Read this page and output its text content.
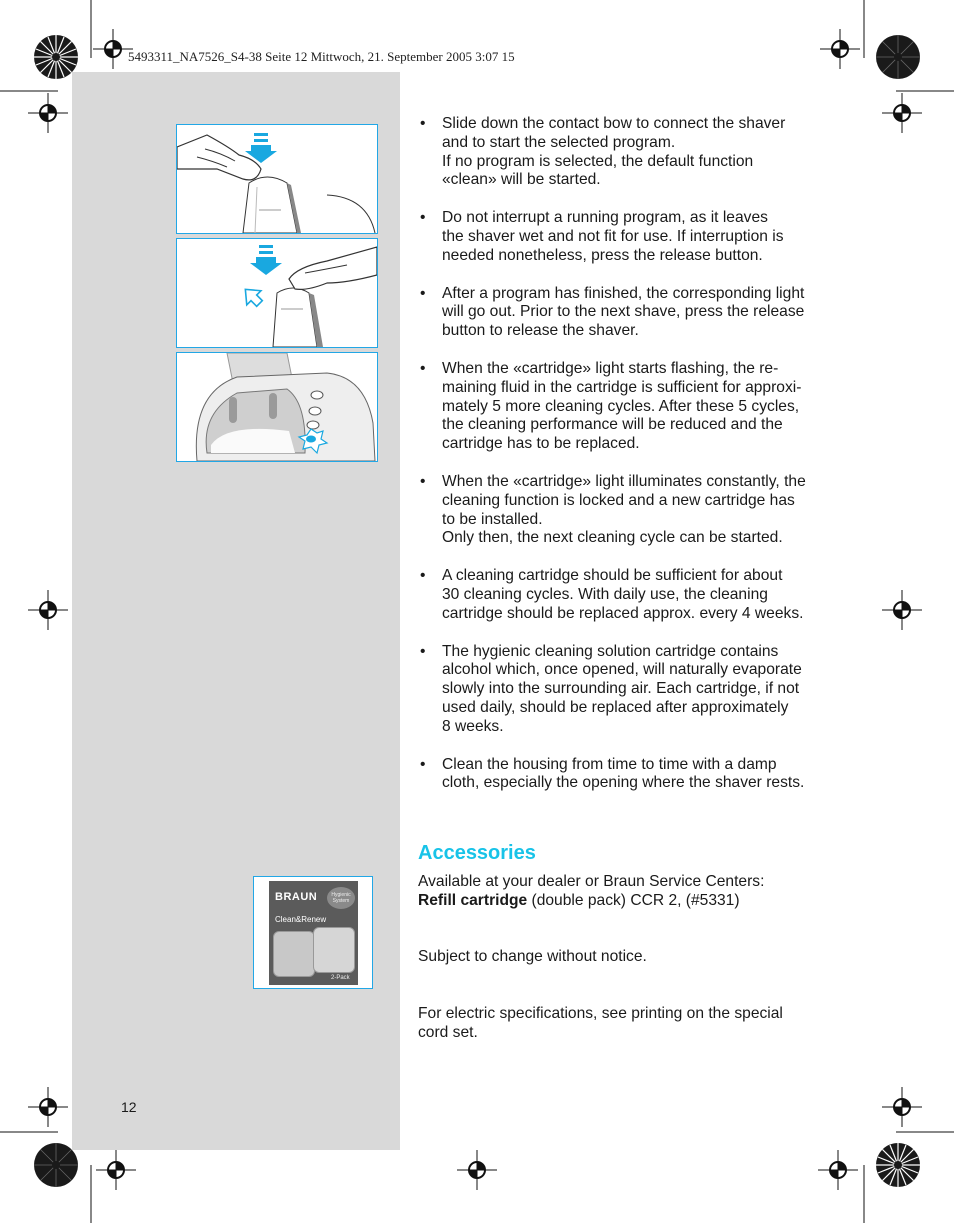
5493311_NA7526_S4-38 Seite 12 Mittwoch, 21. September 2005 3:07 15
BRAUN	Hygienic
System
Clean&Renew
2-Pack
• Slide down the contact bow to connect the shaver
and to start the selected program.
If no program is selected, the default function
«clean» will be started.
• Do not interrupt a running program, as it leaves
the shaver wet and not fit for use. If interruption is
needed nonetheless, press the release button.
• After a program has finished, the corresponding light
will go out. Prior to the next shave, press the release
button to release the shaver.
• When the «cartridge» light starts flashing, the re-
maining fluid in the cartridge is sufficient for approxi-
mately 5 more cleaning cycles. After these 5 cycles,
the cleaning performance will be reduced and the
cartridge has to be replaced.
• When the «cartridge» light illuminates constantly, the
cleaning function is locked and a new cartridge has
to be installed.
Only then, the next cleaning cycle can be started.
• A cleaning cartridge should be sufficient for about
30 cleaning cycles. With daily use, the cleaning
cartridge should be replaced approx. every 4 weeks.
• The hygienic cleaning solution cartridge contains
alcohol which, once opened, will naturally evaporate
slowly into the surrounding air. Each cartridge, if not
used daily, should be replaced after approximately
8 weeks.
• Clean the housing from time to time with a damp
cloth, especially the opening where the shaver rests.
Accessories

Available at your dealer or Braun Service Centers:

Refill cartridge (double pack) CCR 2, (#5331)

Subject to change without notice.

For electric specifications, see printing on the special
cord set.

12
